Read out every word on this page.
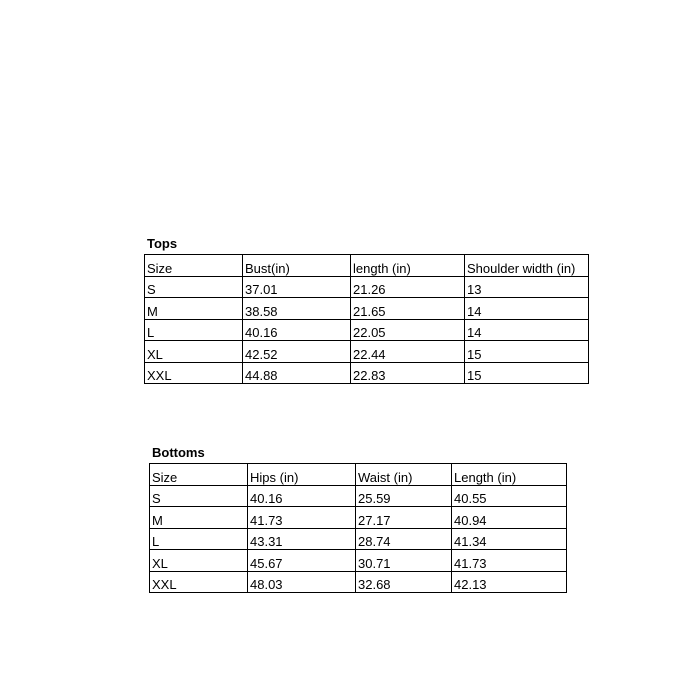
Tops
Size	Bust(in)	length (in)	Shoulder width (in)
S	37.01	21.26	13
M	38.58	21.65	14
L	40.16	22.05	14
XL	42.52	22.44	15
XXL	44.88	22.83	15
Bottoms
Size	Hips (in)	Waist (in)	Length (in)
S	40.16	25.59	40.55
M	41.73	27.17	40.94
L	43.31	28.74	41.34
XL	45.67	30.71	41.73
XXL	48.03	32.68	42.13
